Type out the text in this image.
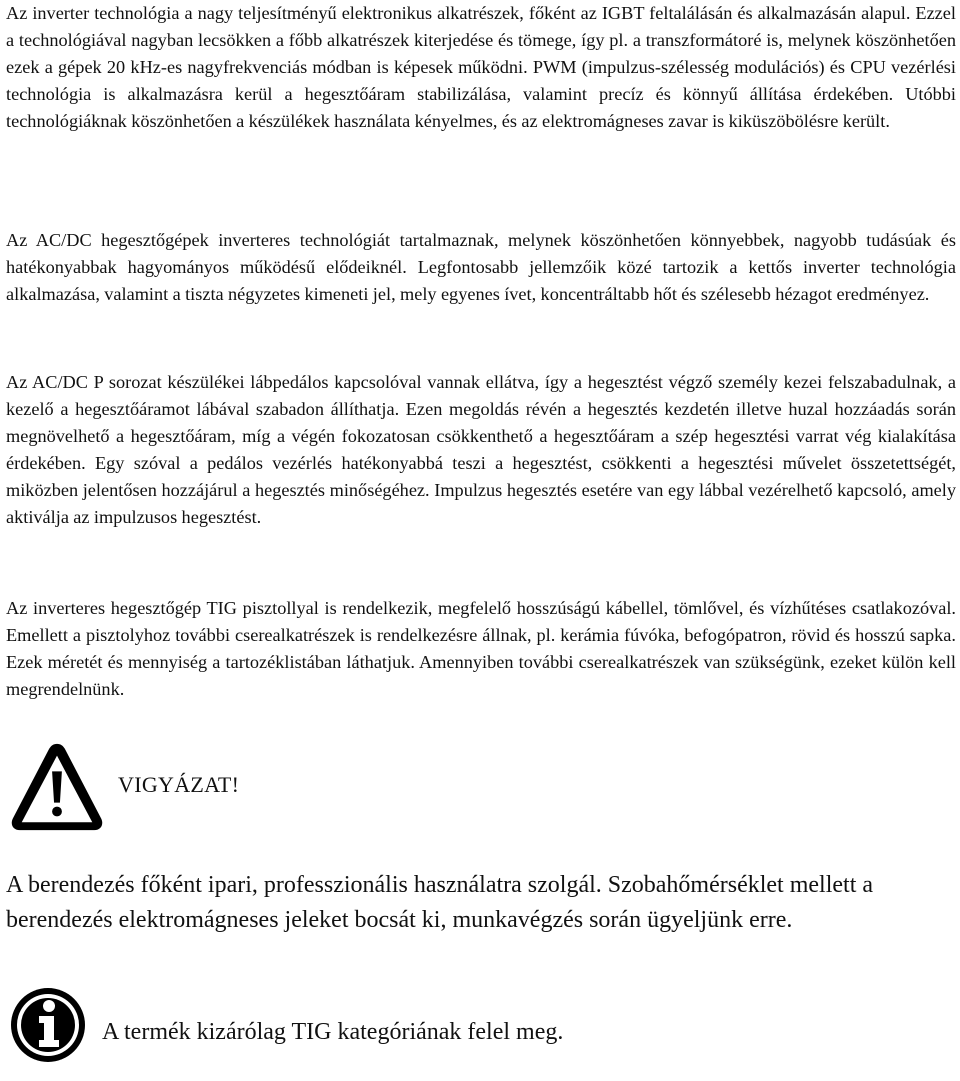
Az inverter technológia a nagy teljesítményű elektronikus alkatrészek, főként az IGBT feltalálásán és alkalmazásán alapul. Ezzel a technológiával nagyban lecsökken a főbb alkatrészek kiterjedése és tömege, így pl. a transzformátoré is, melynek köszönhetően ezek a gépek 20 kHz-es nagyfrekvenciás módban is képesek működni. PWM (impulzus-szélesség modulációs) és CPU vezérlési technológia is alkalmazásra kerül a hegesztőáram stabilizálása, valamint precíz és könnyű állítása érdekében. Utóbbi technológiáknak köszönhetően a készülékek használata kényelmes, és az elektromágneses zavar is kiküszöbölésre került.

Az AC/DC hegesztőgépek inverteres technológiát tartalmaznak, melynek köszönhetően könnyebbek, nagyobb tudásúak és hatékonyabbak hagyományos működésű elődeiknél. Legfontosabb jellemzőik közé tartozik a kettős inverter technológia alkalmazása, valamint a tiszta négyzetes kimeneti jel, mely egyenes ívet, koncentráltabb hőt és szélesebb hézagot eredményez.

Az AC/DC P sorozat készülékei lábpedálos kapcsolóval vannak ellátva, így a hegesztést végző személy kezei felszabadulnak, a kezelő a hegesztőáramot lábával szabadon állíthatja. Ezen megoldás révén a hegesztés kezdetén illetve huzal hozzáadás során megnövelhető a hegesztőáram, míg a végén fokozatosan csökkenthető a hegesztőáram a szép hegesztési varrat vég kialakítása érdekében. Egy szóval a pedálos vezérlés hatékonyabbá teszi a hegesztést, csökkenti a hegesztési művelet összetettségét, miközben jelentősen hozzájárul a hegesztés minőségéhez. Impulzus hegesztés esetére van egy lábbal vezérelhető kapcsoló, amely aktiválja az impulzusos hegesztést.

Az inverteres hegesztőgép TIG pisztollyal is rendelkezik, megfelelő hosszúságú kábellel, tömlővel, és vízhűtéses csatlakozóval. Emellett a pisztolyhoz további cserealkatrészek is rendelkezésre állnak, pl. kerámia fúvóka, befogópatron, rövid és hosszú sapka. Ezek méretét és mennyiség a tartozéklistában láthatjuk. Amennyiben további cserealkatrészek van szükségünk, ezeket külön kell megrendelnünk.

VIGYÁZAT!

A berendezés főként ipari, professzionális használatra szolgál. Szobahőmérséklet mellett a berendezés elektromágneses jeleket bocsát ki, munkavégzés során ügyeljünk erre.

A termék kizárólag TIG kategóriának felel meg.
